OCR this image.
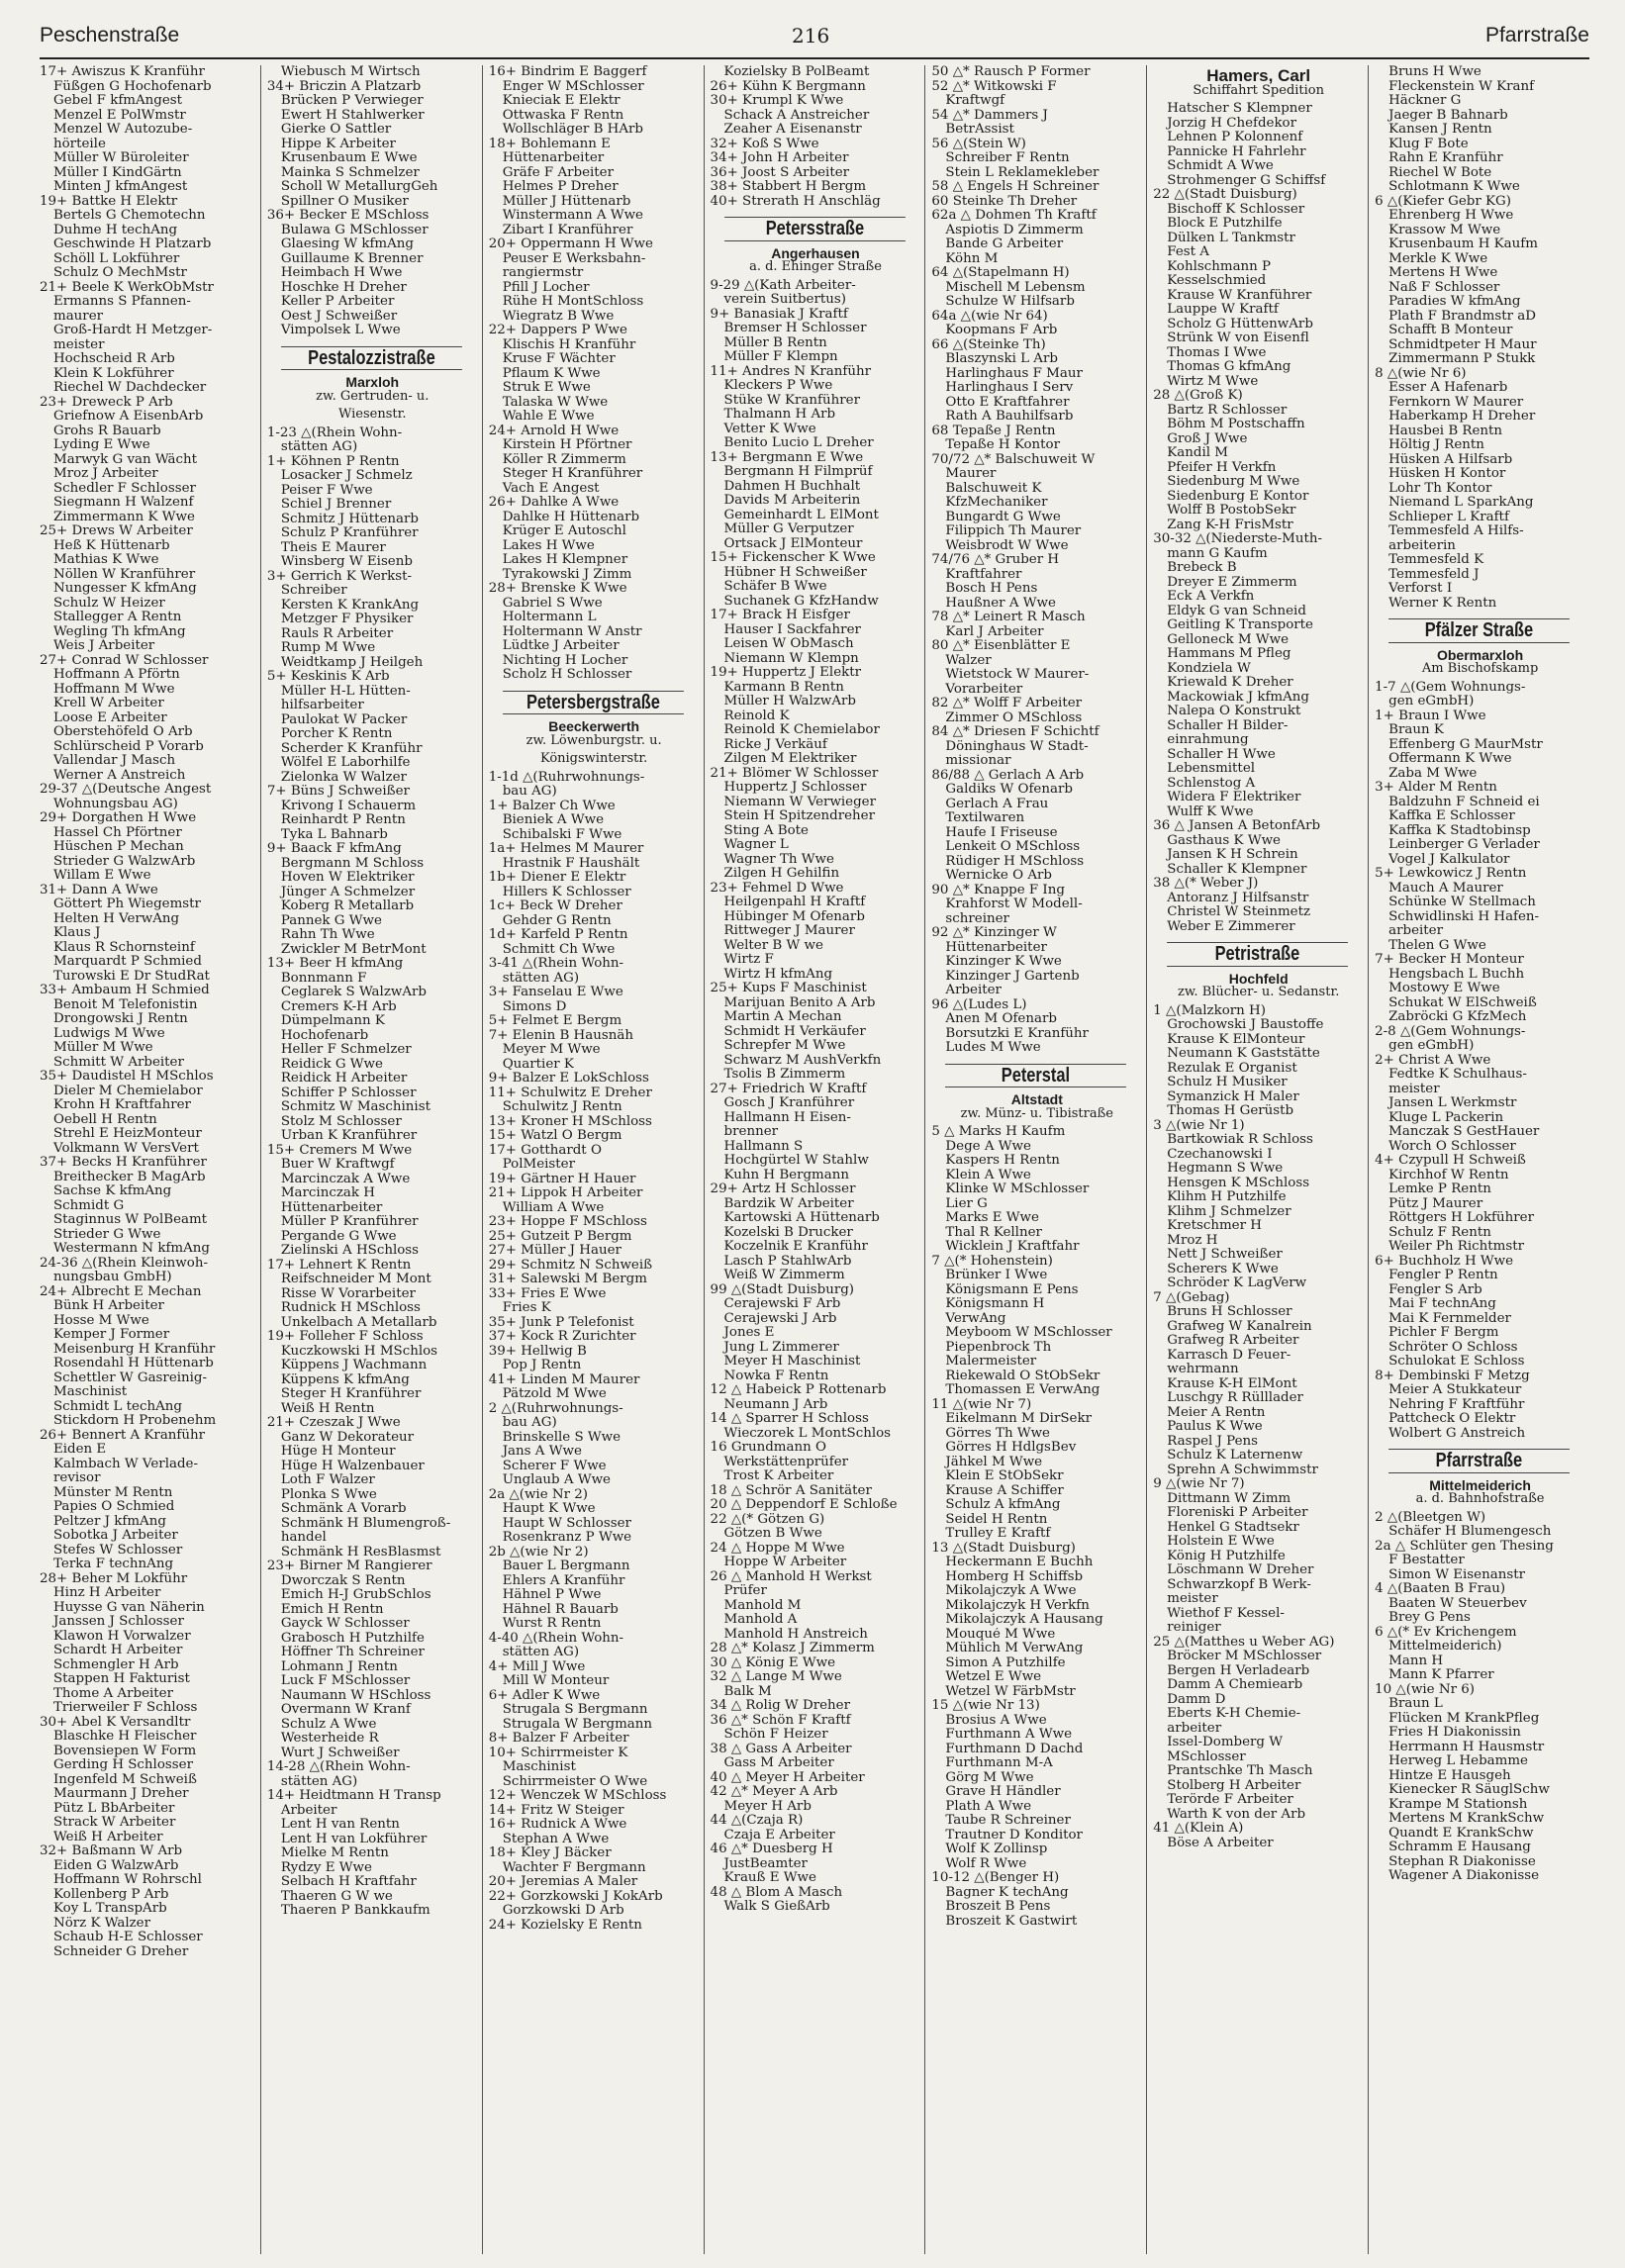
Peschenstraße	216	Pfarrstraße
17+ Awiszus K Kranführ
Füßgen G Hochofenarb
Gebel F kfmAngest
Menzel E PolWmstr
Menzel W Autozube-
hörteile
Müller W Büroleiter
Müller I KindGärtn
Minten J kfmAngest
19+ Battke H Elektr
Bertels G Chemotechn
Duhme H techAng
Geschwinde H Platzarb
Schöll L Lokführer
Schulz O MechMstr
21+ Beele K WerkObMstr
Ermanns S Pfannen-
maurer
Groß-Hardt H Metzger-
meister
Hochscheid R Arb
Klein K Lokführer
Riechel W Dachdecker
23+ Dreweck P Arb
Griefnow A EisenbArb
Grohs R Bauarb
Lyding E Wwe
Marwyk G van Wächt
Mroz J Arbeiter
Schedler F Schlosser
Siegmann H Walzenf
Zimmermann K Wwe
25+ Drews W Arbeiter
Heß K Hüttenarb
Mathias K Wwe
Nöllen W Kranführer
Nungesser K kfmAng
Schulz W Heizer
Stallegger A Rentn
Wegling Th kfmAng
Weis J Arbeiter
27+ Conrad W Schlosser
Hoffmann A Pförtn
Hoffmann M Wwe
Krell W Arbeiter
Loose E Arbeiter
Oberstehöfeld O Arb
Schlürscheid P Vorarb
Vallendar J Masch
Werner A Anstreich
29-37 △(Deutsche Angest
Wohnungsbau AG)
29+ Dorgathen H Wwe
Hassel Ch Pförtner
Hüschen P Mechan
Strieder G WalzwArb
Willam E Wwe
31+ Dann A Wwe
Göttert Ph Wiegemstr
Helten H VerwAng
Klaus J
Klaus R Schornsteinf
Marquardt P Schmied
Turowski E Dr StudRat
33+ Ambaum H Schmied
Benoit M Telefonistin
Drongowski J Rentn
Ludwigs M Wwe
Müller M Wwe
Schmitt W Arbeiter
35+ Daudistel H MSchlos
Dieler M Chemielabor
Krohn H Kraftfahrer
Oebell H Rentn
Strehl E HeizMonteur
Volkmann W VersVert
37+ Becks H Kranführer
Breithecker B MagArb
Sachse K kfmAng
Schmidt G
Staginnus W PolBeamt
Strieder G Wwe
Westermann N kfmAng
24-36 △(Rhein Kleinwoh-
nungsbau GmbH)
24+ Albrecht E Mechan
Bünk H Arbeiter
Hosse M Wwe
Kemper J Former
Meisenburg H Kranführ
Rosendahl H Hüttenarb
Schettler W Gasreinig-
Maschinist
Schmidt L techAng
Stickdorn H Probenehm
26+ Bennert A Kranführ
Eiden E
Kalmbach W Verlade-
revisor
Münster M Rentn
Papies O Schmied
Peltzer J kfmAng
Sobotka J Arbeiter
Stefes W Schlosser
Terka F technAng
28+ Beher M Lokführ
Hinz H Arbeiter
Huysse G van Näherin
Janssen J Schlosser
Klawon H Vorwalzer
Schardt H Arbeiter
Schmengler H Arb
Stappen H Fakturist
Thome A Arbeiter
Trierweiler F Schloss
30+ Abel K Versandltr
Blaschke H Fleischer
Bovensiepen W Form
Gerding H Schlosser
Ingenfeld M Schweiß
Maurmann J Dreher
Pütz L BbArbeiter
Strack W Arbeiter
Weiß H Arbeiter
32+ Baßmann W Arb
Eiden G WalzwArb
Hoffmann W Rohrschl
Kollenberg P Arb
Koy L TranspArb
Nörz K Walzer
Schaub H-E Schlosser
Schneider G Dreher
Wiebusch M Wirtsch
34+ Briczin A Platzarb
Brücken P Verwieger
Ewert H Stahlwerker
Gierke O Sattler
Hippe K Arbeiter
Krusenbaum E Wwe
Mainka S Schmelzer
Scholl W MetallurgGeh
Spillner O Musiker
36+ Becker E MSchloss
Bulawa G MSchlosser
Glaesing W kfmAng
Guillaume K Brenner
Heimbach H Wwe
Hoschke H Dreher
Keller P Arbeiter
Oest J Schweißer
Vimpolsek L Wwe
Pestalozzistraße
Marxloh
zw. Gertruden- u.
Wiesenstr.
1-23 △(Rhein Wohn-
stätten AG)
1+ Köhnen P Rentn
Losacker J Schmelz
Peiser F Wwe
Schiel J Brenner
Schmitz J Hüttenarb
Schulz P Kranführer
Theis E Maurer
Winsberg W Eisenb
3+ Gerrich K Werkst-
Schreiber
Kersten K KrankAng
Metzger F Physiker
Rauls R Arbeiter
Rump M Wwe
Weidtkamp J Heilgeh
5+ Keskinis K Arb
Müller H-L Hütten-
hilfsarbeiter
Paulokat W Packer
Porcher K Rentn
Scherder K Kranführ
Wölfel E Laborhilfe
Zielonka W Walzer
7+ Büns J Schweißer
Krivong I Schauerm
Reinhardt P Rentn
Tyka L Bahnarb
9+ Baack F kfmAng
Bergmann M Schloss
Hoven W Elektriker
Jünger A Schmelzer
Koberg R Metallarb
Pannek G Wwe
Rahn Th Wwe
Zwickler M BetrMont
13+ Beer H kfmAng
Bonnmann F
Ceglarek S WalzwArb
Cremers K-H Arb
Dümpelmann K
Hochofenarb
Heller F Schmelzer
Reidick G Wwe
Reidick H Arbeiter
Schiffer P Schlosser
Schmitz W Maschinist
Stolz M Schlosser
Urban K Kranführer
15+ Cremers M Wwe
Buer W Kraftwgf
Marcinczak A Wwe
Marcinczak H
Hüttenarbeiter
Müller P Kranführer
Pergande G Wwe
Zielinski A HSchloss
17+ Lehnert K Rentn
Reifschneider M Mont
Risse W Vorarbeiter
Rudnick H MSchloss
Unkelbach A Metallarb
19+ Folleher F Schloss
Kuczkowski H MSchlos
Küppens J Wachmann
Küppens K kfmAng
Steger H Kranführer
Weiß H Rentn
21+ Czeszak J Wwe
Ganz W Dekorateur
Hüge H Monteur
Hüge H Walzenbauer
Loth F Walzer
Plonka S Wwe
Schmänk A Vorarb
Schmänk H Blumengroß-
handel
Schmänk H ResBlasmst
23+ Birner M Rangierer
Dworczak S Rentn
Emich H-J GrubSchlos
Emich H Rentn
Gayck W Schlosser
Grabosch H Putzhilfe
Höffner Th Schreiner
Lohmann J Rentn
Luck F MSchlosser
Naumann W HSchloss
Overmann W Kranf
Schulz A Wwe
Westerheide R
Wurt J Schweißer
14-28 △(Rhein Wohn-
stätten AG)
14+ Heidtmann H Transp
Arbeiter
Lent H van Rentn
Lent H van Lokführer
Mielke M Rentn
Rydzy E Wwe
Selbach H Kraftfahr
Thaeren G W we
Thaeren P Bankkaufm
16+ Bindrim E Baggerf
Enger W MSchlosser
Knieciak E Elektr
Ottwaska F Rentn
Wollschläger B HArb
18+ Bohlemann E
Hüttenarbeiter
Gräfe F Arbeiter
Helmes P Dreher
Müller J Hüttenarb
Winstermann A Wwe
Zibart I Kranführer
20+ Oppermann H Wwe
Peuser E Werksbahn-
rangiermstr
Pfill J Locher
Rühe H MontSchloss
Wiegratz B Wwe
22+ Dappers P Wwe
Klischis H Kranführ
Kruse F Wächter
Pflaum K Wwe
Struk E Wwe
Talaska W Wwe
Wahle E Wwe
24+ Arnold H Wwe
Kirstein H Pförtner
Köller R Zimmerm
Steger H Kranführer
Vach E Angest
26+ Dahlke A Wwe
Dahlke H Hüttenarb
Krüger E Autoschl
Lakes H Wwe
Lakes H Klempner
Tyrakowski J Zimm
28+ Brenske K Wwe
Gabriel S Wwe
Holtermann L
Holtermann W Anstr
Lüdtke J Arbeiter
Nichting H Locher
Scholz H Schlosser
Petersbergstraße
Beeckerwerth
zw. Löwenburgstr. u.
Königswinterstr.
1-1d △(Ruhrwohnungs-
bau AG)
1+ Balzer Ch Wwe
Bieniek A Wwe
Schibalski F Wwe
1a+ Helmes M Maurer
Hrastnik F Haushält
1b+ Diener E Elektr
Hillers K Schlosser
1c+ Beck W Dreher
Gehder G Rentn
1d+ Karfeld P Rentn
Schmitt Ch Wwe
3-41 △(Rhein Wohn-
stätten AG)
3+ Fanselau E Wwe
Simons D
5+ Felmet E Bergm
7+ Elenin B Hausnäh
Meyer M Wwe
Quartier K
9+ Balzer E LokSchloss
11+ Schulwitz E Dreher
Schulwitz J Rentn
13+ Kroner H MSchloss
15+ Watzl O Bergm
17+ Gotthardt O
PolMeister
19+ Gärtner H Hauer
21+ Lippok H Arbeiter
William A Wwe
23+ Hoppe F MSchloss
25+ Gutzeit P Bergm
27+ Müller J Hauer
29+ Schmitz N Schweiß
31+ Salewski M Bergm
33+ Fries E Wwe
Fries K
35+ Junk P Telefonist
37+ Kock R Zurichter
39+ Hellwig B
Pop J Rentn
41+ Linden M Maurer
Pätzold M Wwe
2 △(Ruhrwohnungs-
bau AG)
Brinskelle S Wwe
Jans A Wwe
Scherer F Wwe
Unglaub A Wwe
2a △(wie Nr 2)
Haupt K Wwe
Haupt W Schlosser
Rosenkranz P Wwe
2b △(wie Nr 2)
Bauer L Bergmann
Ehlers A Kranführ
Hähnel P Wwe
Hähnel R Bauarb
Wurst R Rentn
4-40 △(Rhein Wohn-
stätten AG)
4+ Mill J Wwe
Mill W Monteur
6+ Adler K Wwe
Strugala S Bergmann
Strugala W Bergmann
8+ Balzer F Arbeiter
10+ Schirrmeister K
Maschinist
Schirrmeister O Wwe
12+ Wenczek W MSchloss
14+ Fritz W Steiger
16+ Rudnick A Wwe
Stephan A Wwe
18+ Kley J Bäcker
Wachter F Bergmann
20+ Jeremias A Maler
22+ Gorzkowski J KokArb
Gorzkowski D Arb
24+ Kozielsky E Rentn
Kozielsky B PolBeamt
26+ Kühn K Bergmann
30+ Krumpl K Wwe
Schack A Anstreicher
Zeaher A Eisenanstr
32+ Koß S Wwe
34+ John H Arbeiter
36+ Joost S Arbeiter
38+ Stabbert H Bergm
40+ Strerath H Anschläg
Petersstraße
Angerhausen
a. d. Ehinger Straße
9-29 △(Kath Arbeiter-
verein Suitbertus)
9+ Banasiak J Kraftf
Bremser H Schlosser
Müller B Rentn
Müller F Klempn
11+ Andres N Kranführ
Kleckers P Wwe
Stüke W Kranführer
Thalmann H Arb
Vetter K Wwe
Benito Lucio L Dreher
13+ Bergmann E Wwe
Bergmann H Filmprüf
Dahmen H Buchhalt
Davids M Arbeiterin
Gemeinhardt L ElMont
Müller G Verputzer
Ortsack J ElMonteur
15+ Fickenscher K Wwe
Hübner H Schweißer
Schäfer B Wwe
Suchanek G KfzHandw
17+ Brack H Eisfger
Hauser I Sackfahrer
Leisen W ObMasch
Niemann W Klempn
19+ Huppertz J Elektr
Karmann B Rentn
Müller H WalzwArb
Reinold K
Reinold K Chemielabor
Ricke J Verkäuf
Zilgen M Elektriker
21+ Blömer W Schlosser
Huppertz J Schlosser
Niemann W Verwieger
Stein H Spitzendreher
Sting A Bote
Wagner L
Wagner Th Wwe
Zilgen H Gehilfin
23+ Fehmel D Wwe
Heilgenpahl H Kraftf
Hübinger M Ofenarb
Rittweger J Maurer
Welter B W we
Wirtz F
Wirtz H kfmAng
25+ Kups F Maschinist
Marijuan Benito A Arb
Martin A Mechan
Schmidt H Verkäufer
Schrepfer M Wwe
Schwarz M AushVerkfn
Tsolis B Zimmerm
27+ Friedrich W Kraftf
Gosch J Kranführer
Hallmann H Eisen-
brenner
Hallmann S
Hochgürtel W Stahlw
Kuhn H Bergmann
29+ Artz H Schlosser
Bardzik W Arbeiter
Kartowski A Hüttenarb
Kozelski B Drucker
Koczelnik E Kranführ
Lasch P StahlwArb
Weiß W Zimmerm
99 △(Stadt Duisburg)
Cerajewski F Arb
Cerajewski J Arb
Jones E
Jung L Zimmerer
Meyer H Maschinist
Nowka F Rentn
12 △ Habeick P Rottenarb
Neumann J Arb
14 △ Sparrer H Schloss
Wieczorek L MontSchlos
16 Grundmann O
Werkstättenprüfer
Trost K Arbeiter
18 △ Schrör A Sanitäter
20 △ Deppendorf E Schloße
22 △(* Götzen G)
Götzen B Wwe
24 △ Hoppe M Wwe
Hoppe W Arbeiter
26 △ Manhold H Werkst
Prüfer
Manhold M
Manhold A
Manhold H Anstreich
28 △* Kolasz J Zimmerm
30 △ König E Wwe
32 △ Lange M Wwe
Balk M
34 △ Rolig W Dreher
36 △* Schön F Kraftf
Schön F Heizer
38 △ Gass A Arbeiter
Gass M Arbeiter
40 △ Meyer H Arbeiter
42 △* Meyer A Arb
Meyer H Arb
44 △(Czaja R)
Czaja E Arbeiter
46 △* Duesberg H
JustBeamter
Krauß E Wwe
48 △ Blom A Masch
Walk S GießArb
50 △* Rausch P Former
52 △* Witkowski F
Kraftwgf
54 △* Dammers J
BetrAssist
56 △(Stein W)
Schreiber F Rentn
Stein L Reklamekleber
58 △ Engels H Schreiner
60 Steinke Th Dreher
62a △ Dohmen Th Kraftf
Aspiotis D Zimmerm
Bande G Arbeiter
Köhn M
64 △(Stapelmann H)
Mischell M Lebensm
Schulze W Hilfsarb
64a △(wie Nr 64)
Koopmans F Arb
66 △(Steinke Th)
Blaszynski L Arb
Harlinghaus F Maur
Harlinghaus I Serv
Otto E Kraftfahrer
Rath A Bauhilfsarb
68 Tepaße J Rentn
Tepaße H Kontor
70/72 △* Balschuweit W
Maurer
Balschuweit K
KfzMechaniker
Bungardt G Wwe
Filippich Th Maurer
Weisbrodt W Wwe
74/76 △* Gruber H
Kraftfahrer
Bosch H Pens
Haußner A Wwe
78 △* Leinert R Masch
Karl J Arbeiter
80 △* Eisenblätter E
Walzer
Wietstock W Maurer-
Vorarbeiter
82 △* Wolff F Arbeiter
Zimmer O MSchloss
84 △* Driesen F Schichtf
Döninghaus W Stadt-
missionar
86/88 △ Gerlach A Arb
Galdiks W Ofenarb
Gerlach A Frau
Textilwaren
Haufe I Friseuse
Lenkeit O MSchloss
Rüdiger H MSchloss
Wernicke O Arb
90 △* Knappe F Ing
Krahforst W Modell-
schreiner
92 △* Kinzinger W
Hüttenarbeiter
Kinzinger K Wwe
Kinzinger J Gartenb
Arbeiter
96 △(Ludes L)
Anen M Ofenarb
Borsutzki E Kranführ
Ludes M Wwe
Peterstal
Altstadt
zw. Münz- u. Tibistraße
5 △ Marks H Kaufm
Dege A Wwe
Kaspers H Rentn
Klein A Wwe
Klinke W MSchlosser
Lier G
Marks E Wwe
Thal R Kellner
Wicklein J Kraftfahr
7 △(* Hohenstein)
Brünker I Wwe
Königsmann E Pens
Königsmann H
VerwAng
Meyboom W MSchlosser
Piepenbrock Th
Malermeister
Riekewald O StObSekr
Thomassen E VerwAng
11 △(wie Nr 7)
Eikelmann M DirSekr
Görres Th Wwe
Görres H HdlgsBev
Jähkel M Wwe
Klein E StObSekr
Krause A Schiffer
Schulz A kfmAng
Seidel H Rentn
Trulley E Kraftf
13 △(Stadt Duisburg)
Heckermann E Buchh
Homberg H Schiffsb
Mikolajczyk A Wwe
Mikolajczyk H Verkfn
Mikolajczyk A Hausang
Mouqué M Wwe
Mühlich M VerwAng
Simon A Putzhilfe
Wetzel E Wwe
Wetzel W FärbMstr
15 △(wie Nr 13)
Brosius A Wwe
Furthmann A Wwe
Furthmann D Dachd
Furthmann M-A
Görg M Wwe
Grave H Händler
Plath A Wwe
Taube R Schreiner
Trautner D Konditor
Wolf K Zollinsp
Wolf R Wwe
10-12 △(Benger H)
Bagner K techAng
Broszeit B Pens
Broszeit K Gastwirt
Hamers, Carl
Schiffahrt Spedition
Hatscher S Klempner
Jorzig H Chefdekor
Lehnen P Kolonnenf
Pannicke H Fahrlehr
Schmidt A Wwe
Strohmenger G Schiffsf
22 △(Stadt Duisburg)
Bischoff K Schlosser
Block E Putzhilfe
Dülken L Tankmstr
Fest A
Kohlschmann P
Kesselschmied
Krause W Kranführer
Lauppe W Kraftf
Scholz G HüttenwArb
Strünk W von Eisenfl
Thomas I Wwe
Thomas G kfmAng
Wirtz M Wwe
28 △(Groß K)
Bartz R Schlosser
Böhm M Postschaffn
Groß J Wwe
Kandil M
Pfeifer H Verkfn
Siedenburg M Wwe
Siedenburg E Kontor
Wolff B PostobSekr
Zang K-H FrisMstr
30-32 △(Niederste-Muth-
mann G Kaufm
Brebeck B
Dreyer E Zimmerm
Eck A Verkfn
Eldyk G van Schneid
Geitling K Transporte
Gelloneck M Wwe
Hammans M Pfleg
Kondziela W
Kriewald K Dreher
Mackowiak J kfmAng
Nalepa O Konstrukt
Schaller H Bilder-
einrahmung
Schaller H Wwe
Lebensmittel
Schlenstog A
Widera F Elektriker
Wulff K Wwe
36 △ Jansen A BetonfArb
Gasthaus K Wwe
Jansen K H Schrein
Schaller K Klempner
38 △(* Weber J)
Antoranz J Hilfsanstr
Christel W Steinmetz
Weber E Zimmerer
Petristraße
Hochfeld
zw. Blücher- u. Sedanstr.
1 △(Malzkorn H)
Grochowski J Baustoffe
Krause K ElMonteur
Neumann K Gaststätte
Rezulak E Organist
Schulz H Musiker
Symanzick H Maler
Thomas H Gerüstb
3 △(wie Nr 1)
Bartkowiak R Schloss
Czechanowski I
Hegmann S Wwe
Hensgen K MSchloss
Klihm H Putzhilfe
Klihm J Schmelzer
Kretschmer H
Mroz H
Nett J Schweißer
Scherers K Wwe
Schröder K LagVerw
7 △(Gebag)
Bruns H Schlosser
Grafweg W Kanalrein
Grafweg R Arbeiter
Karrasch D Feuer-
wehrmann
Krause K-H ElMont
Luschgy R Rülllader
Meier A Rentn
Paulus K Wwe
Raspel J Pens
Schulz K Laternenw
Sprehn A Schwimmstr
9 △(wie Nr 7)
Dittmann W Zimm
Floreniski P Arbeiter
Henkel G Stadtsekr
Holstein E Wwe
König H Putzhilfe
Löschmann W Dreher
Schwarzkopf B Werk-
meister
Wiethof F Kessel-
reiniger
25 △(Matthes u Weber AG)
Bröcker M MSchlosser
Bergen H Verladearb
Damm A Chemiearb
Damm D
Eberts K-H Chemie-
arbeiter
Issel-Domberg W
MSchlosser
Prantschke Th Masch
Stolberg H Arbeiter
Terörde F Arbeiter
Warth K von der Arb
41 △(Klein A)
Böse A Arbeiter
Bruns H Wwe
Fleckenstein W Kranf
Häckner G
Jaeger B Bahnarb
Kansen J Rentn
Klug F Bote
Rahn E Kranführ
Riechel W Bote
Schlotmann K Wwe
6 △(Kiefer Gebr KG)
Ehrenberg H Wwe
Krassow M Wwe
Krusenbaum H Kaufm
Merkle K Wwe
Mertens H Wwe
Naß F Schlosser
Paradies W kfmAng
Plath F Brandmstr aD
Schafft B Monteur
Schmidtpeter H Maur
Zimmermann P Stukk
8 △(wie Nr 6)
Esser A Hafenarb
Fernkorn W Maurer
Haberkamp H Dreher
Hausbei B Rentn
Höltig J Rentn
Hüsken A Hilfsarb
Hüsken H Kontor
Lohr Th Kontor
Niemand L SparkAng
Schlieper L Kraftf
Temmesfeld A Hilfs-
arbeiterin
Temmesfeld K
Temmesfeld J
Verforst I
Werner K Rentn
Pfälzer Straße
Obermarxloh
Am Bischofskamp
1-7 △(Gem Wohnungs-
gen eGmbH)
1+ Braun I Wwe
Braun K
Effenberg G MaurMstr
Offermann K Wwe
Zaba M Wwe
3+ Alder M Rentn
Baldzuhn F Schneid ei
Kaffka E Schlosser
Kaffka K Stadtobinsp
Leinberger G Verlader
Vogel J Kalkulator
5+ Lewkowicz J Rentn
Mauch A Maurer
Schünke W Stellmach
Schwidlinski H Hafen-
arbeiter
Thelen G Wwe
7+ Becker H Monteur
Hengsbach L Buchh
Mostowy E Wwe
Schukat W ElSchweiß
Zabröcki G KfzMech
2-8 △(Gem Wohnungs-
gen eGmbH)
2+ Christ A Wwe
Fedtke K Schulhaus-
meister
Jansen L Werkmstr
Kluge L Packerin
Manczak S GestHauer
Worch O Schlosser
4+ Czypull H Schweiß
Kirchhof W Rentn
Lemke P Rentn
Pütz J Maurer
Röttgers H Lokführer
Schulz F Rentn
Weiler Ph Richtmstr
6+ Buchholz H Wwe
Fengler P Rentn
Fengler S Arb
Mai F technAng
Mai K Fernmelder
Pichler F Bergm
Schröter O Schloss
Schulokat E Schloss
8+ Dembinski F Metzg
Meier A Stukkateur
Nehring F Kraftführ
Pattcheck O Elektr
Wolbert G Anstreich
Pfarrstraße
Mittelmeiderich
a. d. Bahnhofstraße
2 △(Bleetgen W)
Schäfer H Blumengesch
2a △ Schlüter gen Thesing
F Bestatter
Simon W Eisenanstr
4 △(Baaten B Frau)
Baaten W Steuerbev
Brey G Pens
6 △(* Ev Krichengem
Mittelmeiderich)
Mann H
Mann K Pfarrer
10 △(wie Nr 6)
Braun L
Flücken M KrankPfleg
Fries H Diakonissin
Herrmann H Hausmstr
Herweg L Hebamme
Hintze E Hausgeh
Kienecker R SäuglSchw
Krampe M Stationsh
Mertens M KrankSchw
Quandt E KrankSchw
Schramm E Hausang
Stephan R Diakonisse
Wagener A Diakonisse
